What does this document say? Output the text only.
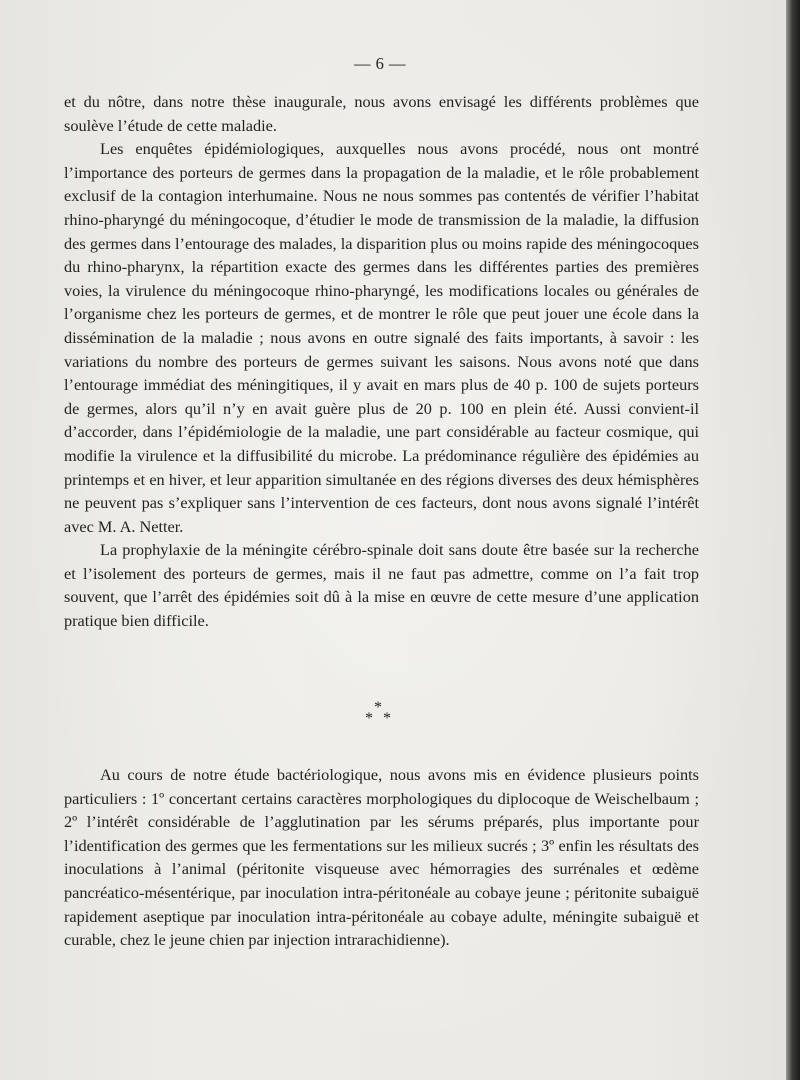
— 6 —

et du nôtre, dans notre thèse inaugurale, nous avons envisagé les différents problèmes que soulève l’étude de cette maladie.

Les enquêtes épidémiologiques, auxquelles nous avons procédé, nous ont montré l’importance des porteurs de germes dans la propagation de la maladie, et le rôle probablement exclusif de la contagion interhumaine. Nous ne nous sommes pas contentés de vérifier l’habitat rhino-pharyngé du méningocoque, d’étudier le mode de transmission de la maladie, la diffusion des germes dans l’entourage des malades, la disparition plus ou moins rapide des méningocoques du rhino-pharynx, la répartition exacte des germes dans les différentes parties des premières voies, la virulence du méningocoque rhino-pharyngé, les modifications locales ou générales de l’organisme chez les porteurs de germes, et de montrer le rôle que peut jouer une école dans la dissémination de la maladie ; nous avons en outre signalé des faits importants, à savoir : les variations du nombre des porteurs de germes suivant les saisons. Nous avons noté que dans l’entourage immédiat des méningitiques, il y avait en mars plus de 40 p. 100 de sujets porteurs de germes, alors qu’il n’y en avait guère plus de 20 p. 100 en plein été. Aussi convient-il d’accorder, dans l’épidémiologie de la maladie, une part considérable au facteur cosmique, qui modifie la virulence et la diffusibilité du microbe. La prédominance régulière des épidémies au printemps et en hiver, et leur apparition simultanée en des régions diverses des deux hémisphères ne peuvent pas s’expliquer sans l’intervention de ces facteurs, dont nous avons signalé l’intérêt avec M. A. Netter.

La prophylaxie de la méningite cérébro-spinale doit sans doute être basée sur la recherche et l’isolement des porteurs de germes, mais il ne faut pas admettre, comme on l’a fait trop souvent, que l’arrêt des épidémies soit dû à la mise en œuvre de cette mesure d’une application pratique bien difficile.

*
* *

Au cours de notre étude bactériologique, nous avons mis en évidence plusieurs points particuliers : 1º concertant certains caractères morphologiques du diplocoque de Weischelbaum ; 2º l’intérêt considérable de l’agglutination par les sérums préparés, plus importante pour l’identification des germes que les fermentations sur les milieux sucrés ; 3º enfin les résultats des inoculations à l’animal (péritonite visqueuse avec hémorragies des surrénales et œdème pancréatico-mésentérique, par inoculation intra-péritonéale au cobaye jeune ; péritonite subaiguë rapidement aseptique par inoculation intra-péritonéale au cobaye adulte, méningite subaiguë et curable, chez le jeune chien par injection intrarachidienne).
